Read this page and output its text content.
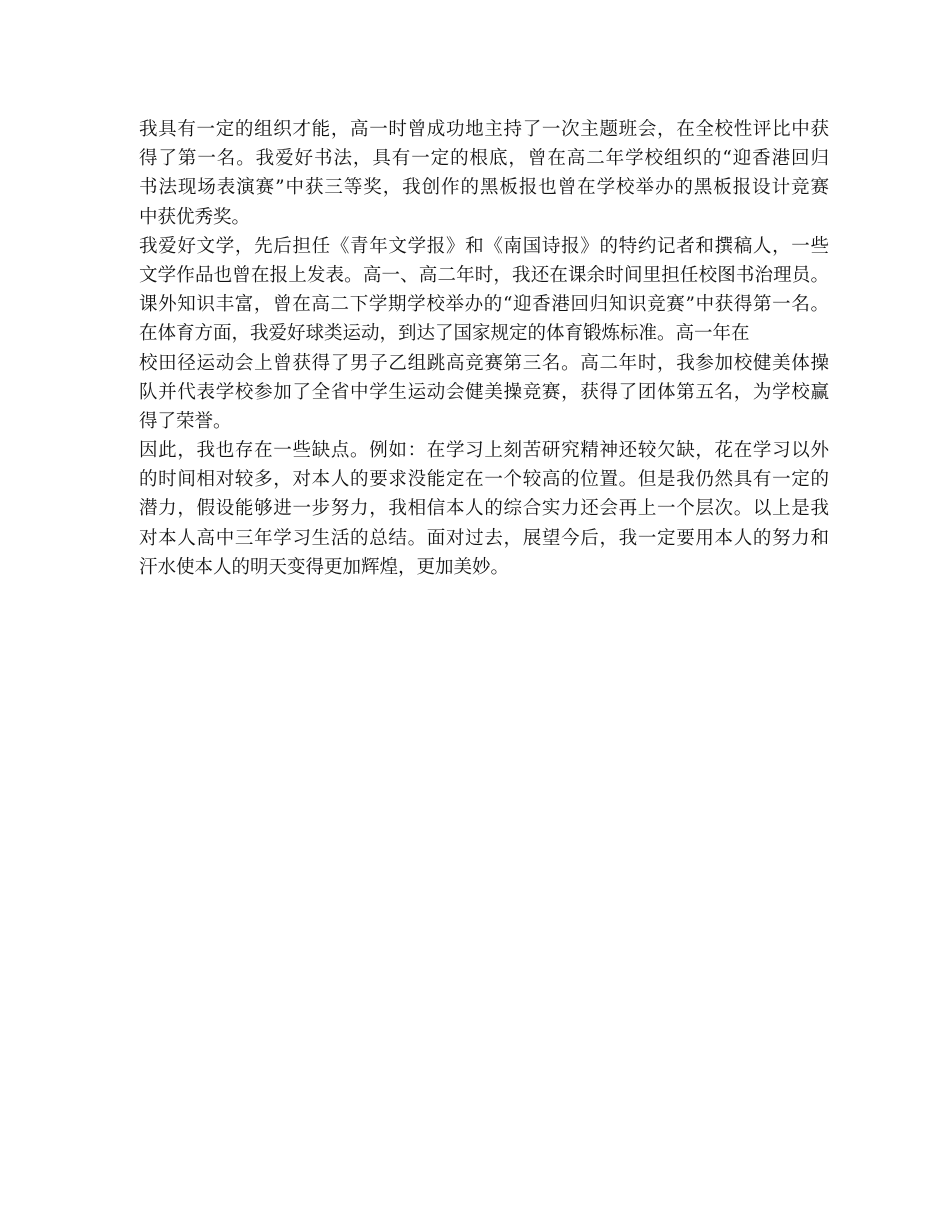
我具有一定的组织才能，高一时曾成功地主持了一次主题班会，在全校性评比中获
得了第一名。我爱好书法，具有一定的根底，曾在高二年学校组织的“迎香港回归
书法现场表演赛”中获三等奖，我创作的黑板报也曾在学校举办的黑板报设计竞赛
中获优秀奖。
我爱好文学，先后担任《青年文学报》和《南国诗报》的特约记者和撰稿人，一些
文学作品也曾在报上发表。高一、高二年时，我还在课余时间里担任校图书治理员。
课外知识丰富，曾在高二下学期学校举办的“迎香港回归知识竞赛”中获得第一名。
在体育方面，我爱好球类运动，到达了国家规定的体育锻炼标准。高一年在
校田径运动会上曾获得了男子乙组跳高竞赛第三名。高二年时，我参加校健美体操
队并代表学校参加了全省中学生运动会健美操竞赛，获得了团体第五名，为学校赢
得了荣誉。
因此，我也存在一些缺点。例如：在学习上刻苦研究精神还较欠缺，花在学习以外
的时间相对较多，对本人的要求没能定在一个较高的位置。但是我仍然具有一定的
潜力，假设能够进一步努力，我相信本人的综合实力还会再上一个层次。以上是我
对本人高中三年学习生活的总结。面对过去，展望今后，我一定要用本人的努力和
汗水使本人的明天变得更加辉煌，更加美妙。
